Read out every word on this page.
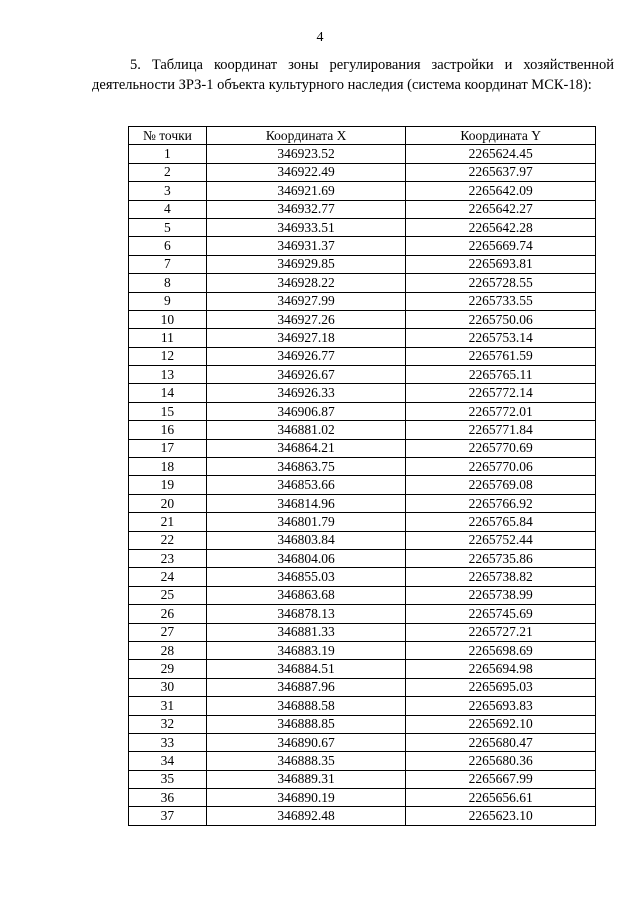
4
5. Таблица координат зоны регулирования застройки и хозяйственной деятельности ЗРЗ-1 объекта культурного наследия (система координат МСК-18):
№ точки	Координата X	Координата Y
1	346923.52	2265624.45
2	346922.49	2265637.97
3	346921.69	2265642.09
4	346932.77	2265642.27
5	346933.51	2265642.28
6	346931.37	2265669.74
7	346929.85	2265693.81
8	346928.22	2265728.55
9	346927.99	2265733.55
10	346927.26	2265750.06
11	346927.18	2265753.14
12	346926.77	2265761.59
13	346926.67	2265765.11
14	346926.33	2265772.14
15	346906.87	2265772.01
16	346881.02	2265771.84
17	346864.21	2265770.69
18	346863.75	2265770.06
19	346853.66	2265769.08
20	346814.96	2265766.92
21	346801.79	2265765.84
22	346803.84	2265752.44
23	346804.06	2265735.86
24	346855.03	2265738.82
25	346863.68	2265738.99
26	346878.13	2265745.69
27	346881.33	2265727.21
28	346883.19	2265698.69
29	346884.51	2265694.98
30	346887.96	2265695.03
31	346888.58	2265693.83
32	346888.85	2265692.10
33	346890.67	2265680.47
34	346888.35	2265680.36
35	346889.31	2265667.99
36	346890.19	2265656.61
37	346892.48	2265623.10
